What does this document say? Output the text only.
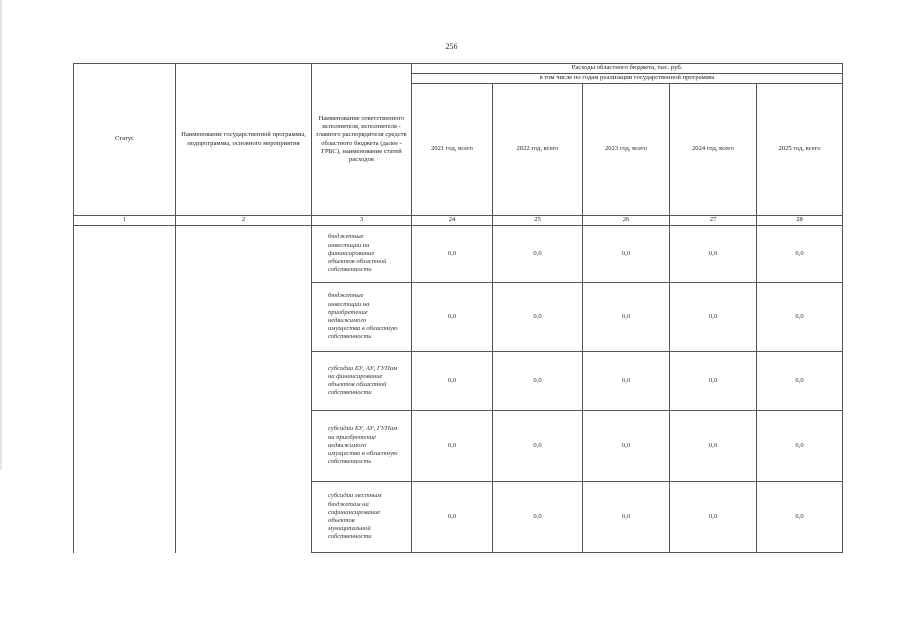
256
Статус	Наименование государственной программы, подпрограммы, основного мероприятия	Наименование ответственного исполнителя, исполнителя - главного распорядителя средств областного бюджета (далее - ГРБС), наименование статей расходов	Расходы областного бюджета, тыс. руб.				
			в том числе по годам реализации государственной программы				
			2021 год, всего	2022 год, всего	2023 год, всего	2024 год, всего	2025 год, всего
1	2	3	24	25	26	27	28

		бюджетные инвестиции на финансирование объектов областной собственности	0,0	0,0	0,0	0,0	0,0

		бюджетные инвестиции на приобретение недвижимого имущества в областную собственность	0,0	0,0	0,0	0,0	0,0

		субсидии БУ, АУ, ГУПам на финансирование объектов областной собственности	0,0	0,0	0,0	0,0	0,0

		субсидии БУ, АУ, ГУПам на приобретение недвижимого имущества в областную собственность	0,0	0,0	0,0	0,0	0,0

		субсидии местным бюджетам на софинансирование объектов муниципальной собственности	0,0	0,0	0,0	0,0	0,0
